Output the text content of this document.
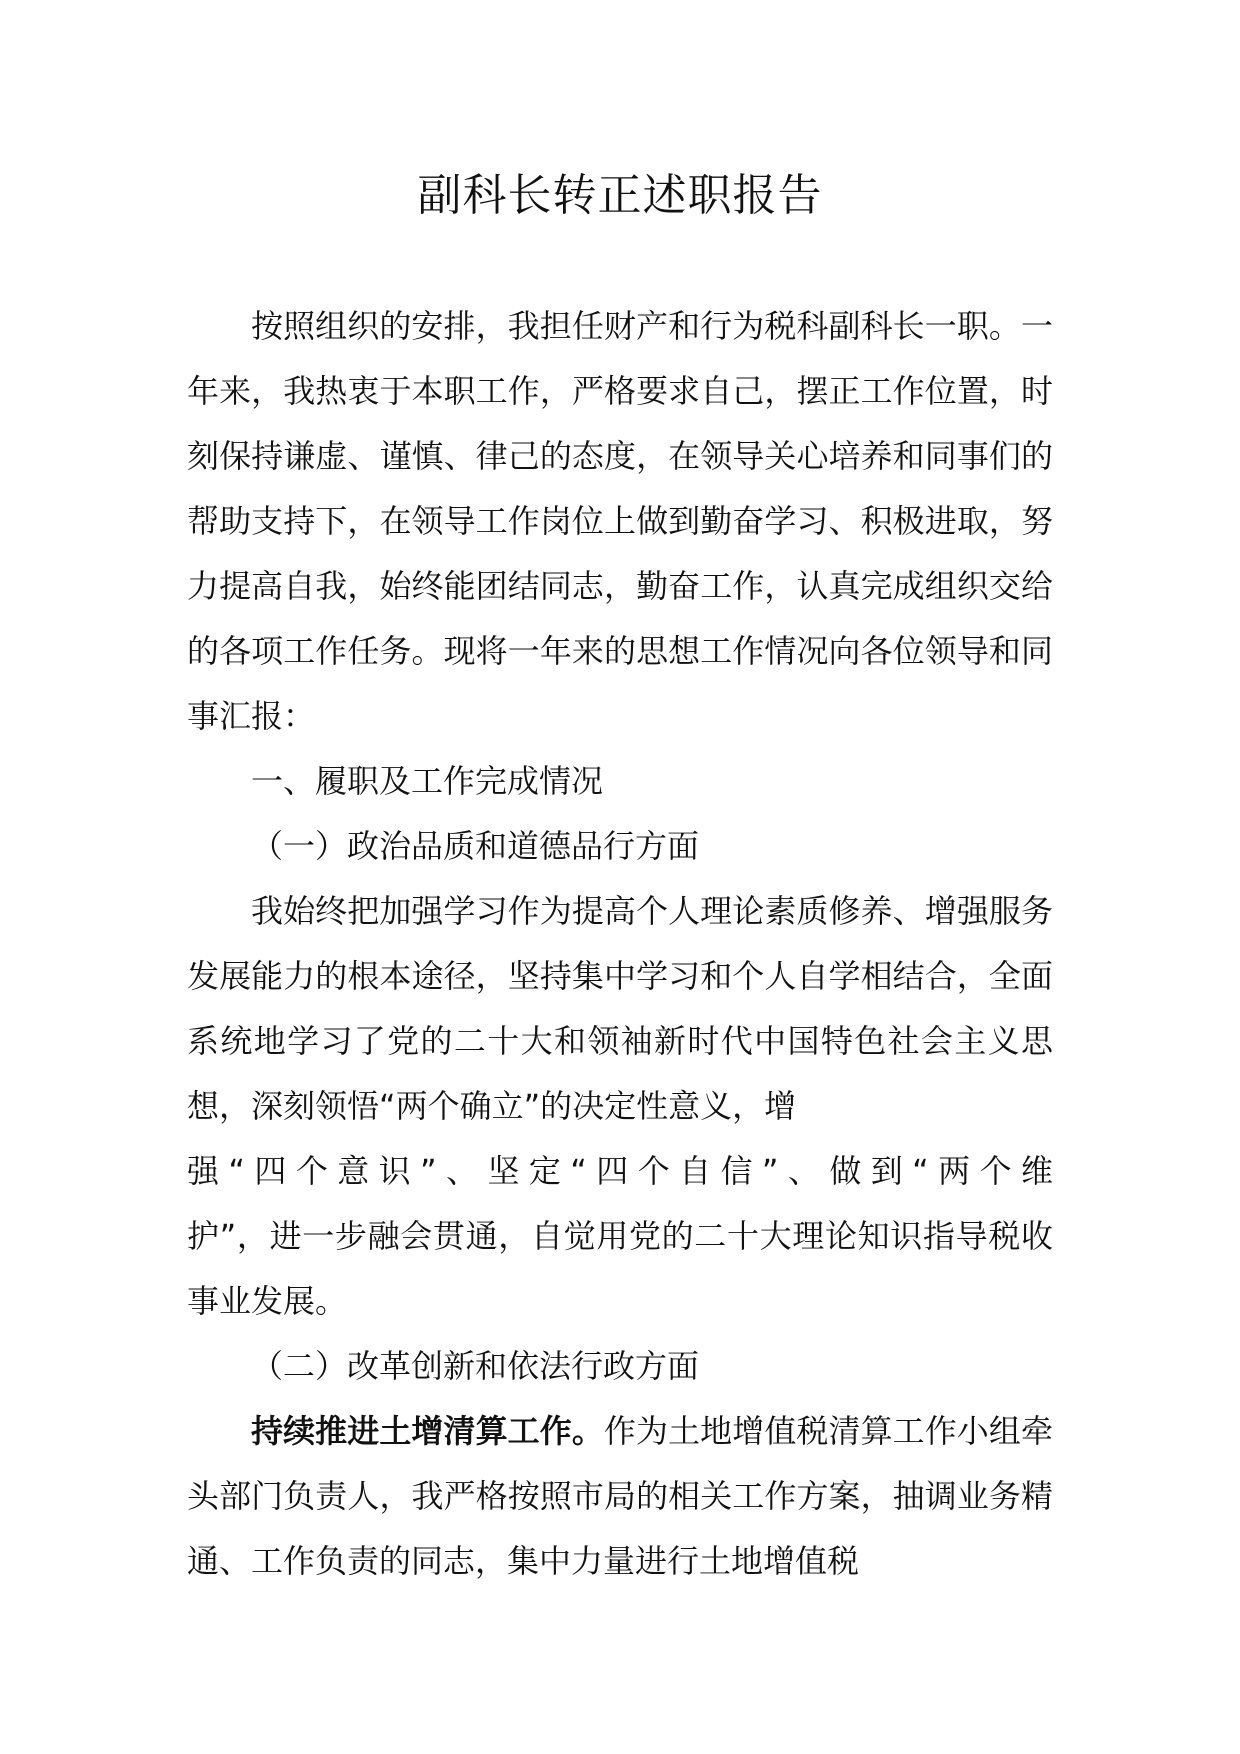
副科长转正述职报告

按照组织的安排，我担任财产和行为税科副科长一职。一年来，我热衷于本职工作，严格要求自己，摆正工作位置，时刻保持谦虚、谨慎、律己的态度，在领导关心培养和同事们的帮助支持下，在领导工作岗位上做到勤奋学习、积极进取，努力提高自我，始终能团结同志，勤奋工作，认真完成组织交给的各项工作任务。现将一年来的思想工作情况向各位领导和同事汇报：

一、履职及工作完成情况

（一）政治品质和道德品行方面

我始终把加强学习作为提高个人理论素质修养、增强服务发展能力的根本途径，坚持集中学习和个人自学相结合，全面系统地学习了党的二十大和领袖新时代中国特色社会主义思想，深刻领悟“两个确立”的决定性意义，增

强“四个意识”、坚定“四个自信”、做到“两个维

护”，进一步融会贯通，自觉用党的二十大理论知识指导税收事业发展。

（二）改革创新和依法行政方面

持续推进土增清算工作。作为土地增值税清算工作小组牵头部门负责人，我严格按照市局的相关工作方案，抽调业务精通、工作负责的同志，集中力量进行土地增值税
